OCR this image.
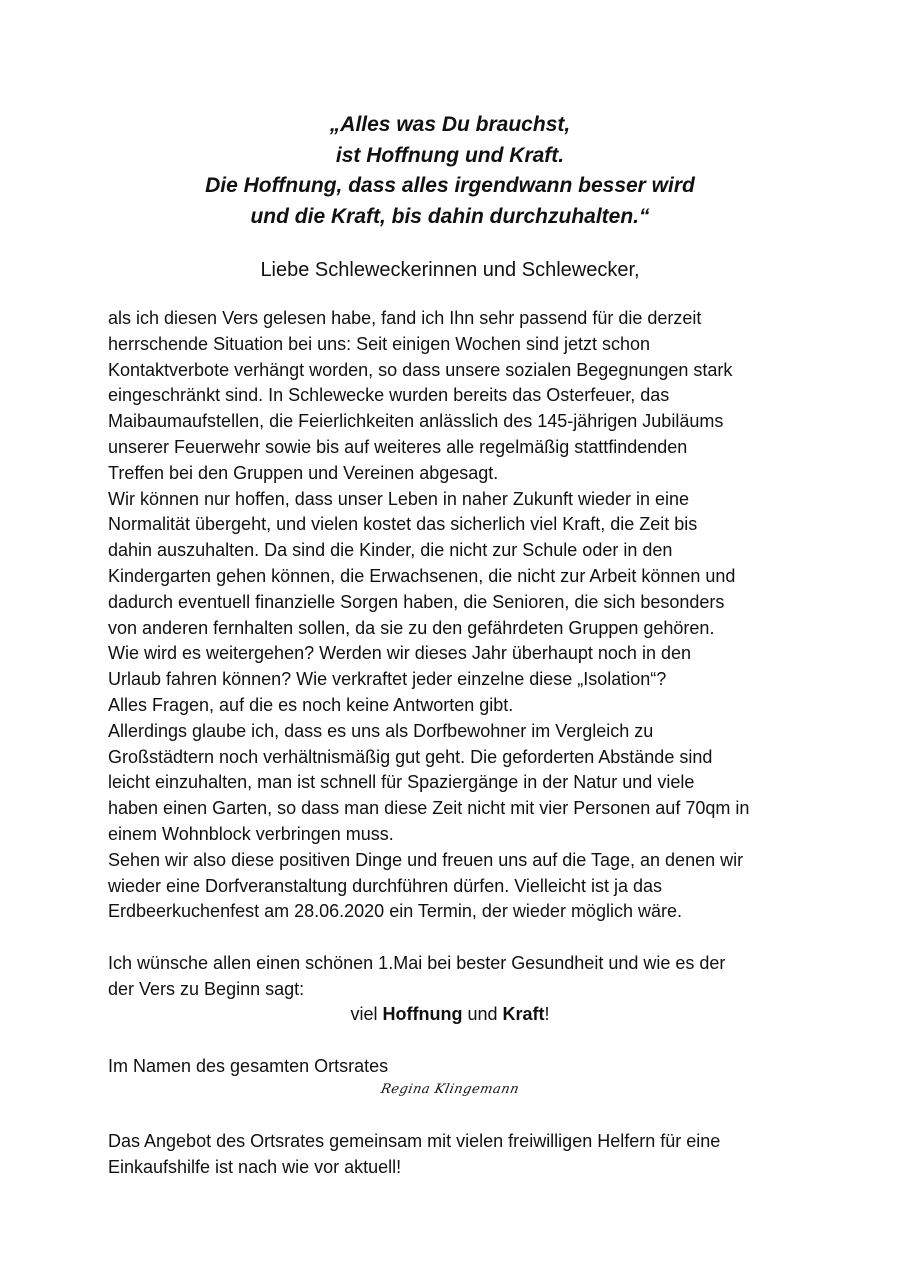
„Alles was Du brauchst,
ist Hoffnung und Kraft.
Die Hoffnung, dass alles irgendwann besser wird
und die Kraft, bis dahin durchzuhalten.“
Liebe Schleweckerinnen und Schlewecker,
als ich diesen Vers gelesen habe, fand ich Ihn sehr passend für die derzeit
herrschende Situation bei uns: Seit einigen Wochen sind jetzt schon
Kontaktverbote verhängt worden, so dass unsere sozialen Begegnungen stark
eingeschränkt sind. In Schlewecke wurden bereits das Osterfeuer, das
Maibaumaufstellen, die Feierlichkeiten anlässlich des 145-jährigen Jubiläums
unserer Feuerwehr sowie bis auf weiteres alle regelmäßig stattfindenden
Treffen bei den Gruppen und Vereinen abgesagt.
Wir können nur hoffen, dass unser Leben in naher Zukunft wieder in eine
Normalität übergeht, und vielen kostet das sicherlich viel Kraft, die Zeit bis
dahin auszuhalten. Da sind die Kinder, die nicht zur Schule oder in den
Kindergarten gehen können, die Erwachsenen, die nicht zur Arbeit können und
dadurch eventuell finanzielle Sorgen haben, die Senioren, die sich besonders
von anderen fernhalten sollen, da sie zu den gefährdeten Gruppen gehören.
Wie wird es weitergehen? Werden wir dieses Jahr überhaupt noch in den
Urlaub fahren können? Wie verkraftet jeder einzelne diese „Isolation“?
Alles Fragen, auf die es noch keine Antworten gibt.
Allerdings glaube ich, dass es uns als Dorfbewohner im Vergleich zu
Großstädtern noch verhältnismäßig gut geht. Die geforderten Abstände sind
leicht einzuhalten, man ist schnell für Spaziergänge in der Natur und viele
haben einen Garten, so dass man diese Zeit nicht mit vier Personen auf 70qm in
einem Wohnblock verbringen muss.
Sehen wir also diese positiven Dinge und freuen uns auf die Tage, an denen wir
wieder eine Dorfveranstaltung durchführen dürfen. Vielleicht ist ja das
Erdbeerkuchenfest am 28.06.2020 ein Termin, der wieder möglich wäre.
Ich wünsche allen einen schönen 1.Mai bei bester Gesundheit und wie es der
der Vers zu Beginn sagt:
viel Hoffnung und Kraft!
Im Namen des gesamten Ortsrates
Regina Klingemann
Das Angebot des Ortsrates gemeinsam mit vielen freiwilligen Helfern für eine
Einkaufshilfe ist nach wie vor aktuell!
